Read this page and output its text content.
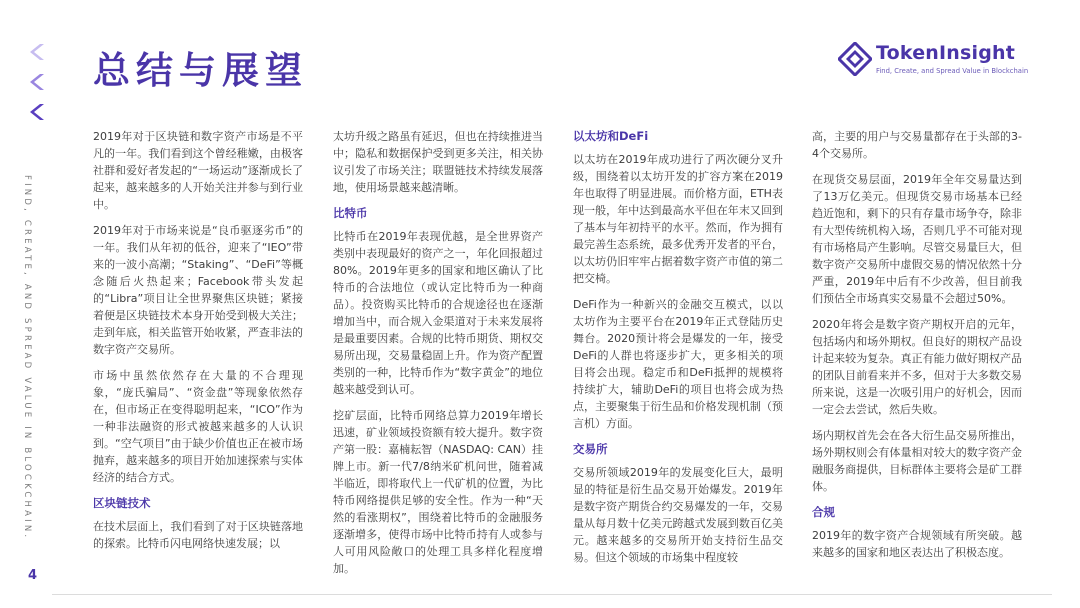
FIND, CREATE, AND SPREAD VALUE IN BLOCKCHAIN.
4
总结与展望	TokenInsight
Find, Create, and Spread Value in Blockchain

2019年对于区块链和数字资产市场是不平凡的一年。我们看到这个曾经稚嫩，由极客社群和爱好者发起的“一场运动”逐渐成长了起来，越来越多的人开始关注并参与到行业中。

2019年对于市场来说是“良币驱逐劣币”的一年。我们从年初的低谷，迎来了“IEO”带来的一波小高潮；“Staking”、“DeFi”等概念随后火热起来；Facebook带头发起的“Libra”项目让全世界聚焦区块链；紧接着便是区块链技术本身开始受到极大关注；走到年底，相关监管开始收紧，严查非法的数字资产交易所。

市场中虽然依然存在大量的不合理现象，“庞氏骗局”、“资金盘”等现象依然存在，但市场正在变得聪明起来，“ICO”作为一种非法融资的形式被越来越多的人认识到。“空气项目”由于缺少价值也正在被市场抛弃，越来越多的项目开始加速探索与实体经济的结合方式。

区块链技术

在技术层面上，我们看到了对于区块链落地的探索。比特币闪电网络快速发展；以

太坊升级之路虽有延迟，但也在持续推进当中；隐私和数据保护受到更多关注，相关协议引发了市场关注；联盟链技术持续发展落地，使用场景越来越清晰。

比特币

比特币在2019年表现优越，是全世界资产类别中表现最好的资产之一，年化回报超过80%。2019年更多的国家和地区确认了比特币的合法地位（或认定比特币为一种商品）。投资购买比特币的合规途径也在逐渐增加当中，而合规入金渠道对于未来发展将是最重要因素。合规的比特币期货、期权交易所出现，交易量稳固上升。作为资产配置类别的一种，比特币作为“数字黄金”的地位越来越受到认可。

挖矿层面，比特币网络总算力2019年增长迅速，矿业领域投资额有较大提升。数字资产第一股：嘉楠耘智（NASDAQ: CAN）挂牌上市。新一代7/8纳米矿机问世，随着减半临近，即将取代上一代矿机的位置，为比特币网络提供足够的安全性。作为一种“天然的看涨期权”，围绕着比特币的金融服务逐渐增多，使得市场中比特币持有人或参与人可用风险敞口的处理工具多样化程度增加。

以太坊和DeFi

以太坊在2019年成功进行了两次硬分叉升级，围绕着以太坊开发的扩容方案在2019年也取得了明显进展。而价格方面，ETH表现一般，年中达到最高水平但在年末又回到了基本与年初持平的水平。然而，作为拥有最完善生态系统，最多优秀开发者的平台，以太坊仍旧牢牢占据着数字资产市值的第二把交椅。

DeFi作为一种新兴的金融交互模式，以以太坊作为主要平台在2019年正式登陆历史舞台。2020预计将会是爆发的一年，接受DeFi的人群也将逐步扩大，更多相关的项目将会出现。稳定币和DeFi抵押的规模将持续扩大，辅助DeFi的项目也将会成为热点，主要聚集于衍生品和价格发现机制（预言机）方面。

交易所

交易所领域2019年的发展变化巨大，最明显的特征是衍生品交易开始爆发。2019年是数字资产期货合约交易爆发的一年，交易量从每月数十亿美元跨越式发展到数百亿美元。越来越多的交易所开始支持衍生品交易。但这个领域的市场集中程度较

高，主要的用户与交易量都存在于头部的3-4个交易所。

在现货交易层面，2019年全年交易量达到了13万亿美元。但现货交易市场基本已经趋近饱和，剩下的只有存量市场争夺，除非有大型传统机构入场，否则几乎不可能对现有市场格局产生影响。尽管交易量巨大，但数字资产交易所中虚假交易的情况依然十分严重，2019年中后有不少改善，但目前我们预估全市场真实交易量不会超过50%。

2020年将会是数字资产期权开启的元年，包括场内和场外期权。但良好的期权产品设计起来较为复杂。真正有能力做好期权产品的团队目前看来并不多，但对于大多数交易所来说，这是一次吸引用户的好机会，因而一定会去尝试，然后失败。

场内期权首先会在各大衍生品交易所推出，场外期权则会有体量相对较大的数字资产金融服务商提供，目标群体主要将会是矿工群体。

合规

2019年的数字资产合规领域有所突破。越来越多的国家和地区表达出了积极态度。
